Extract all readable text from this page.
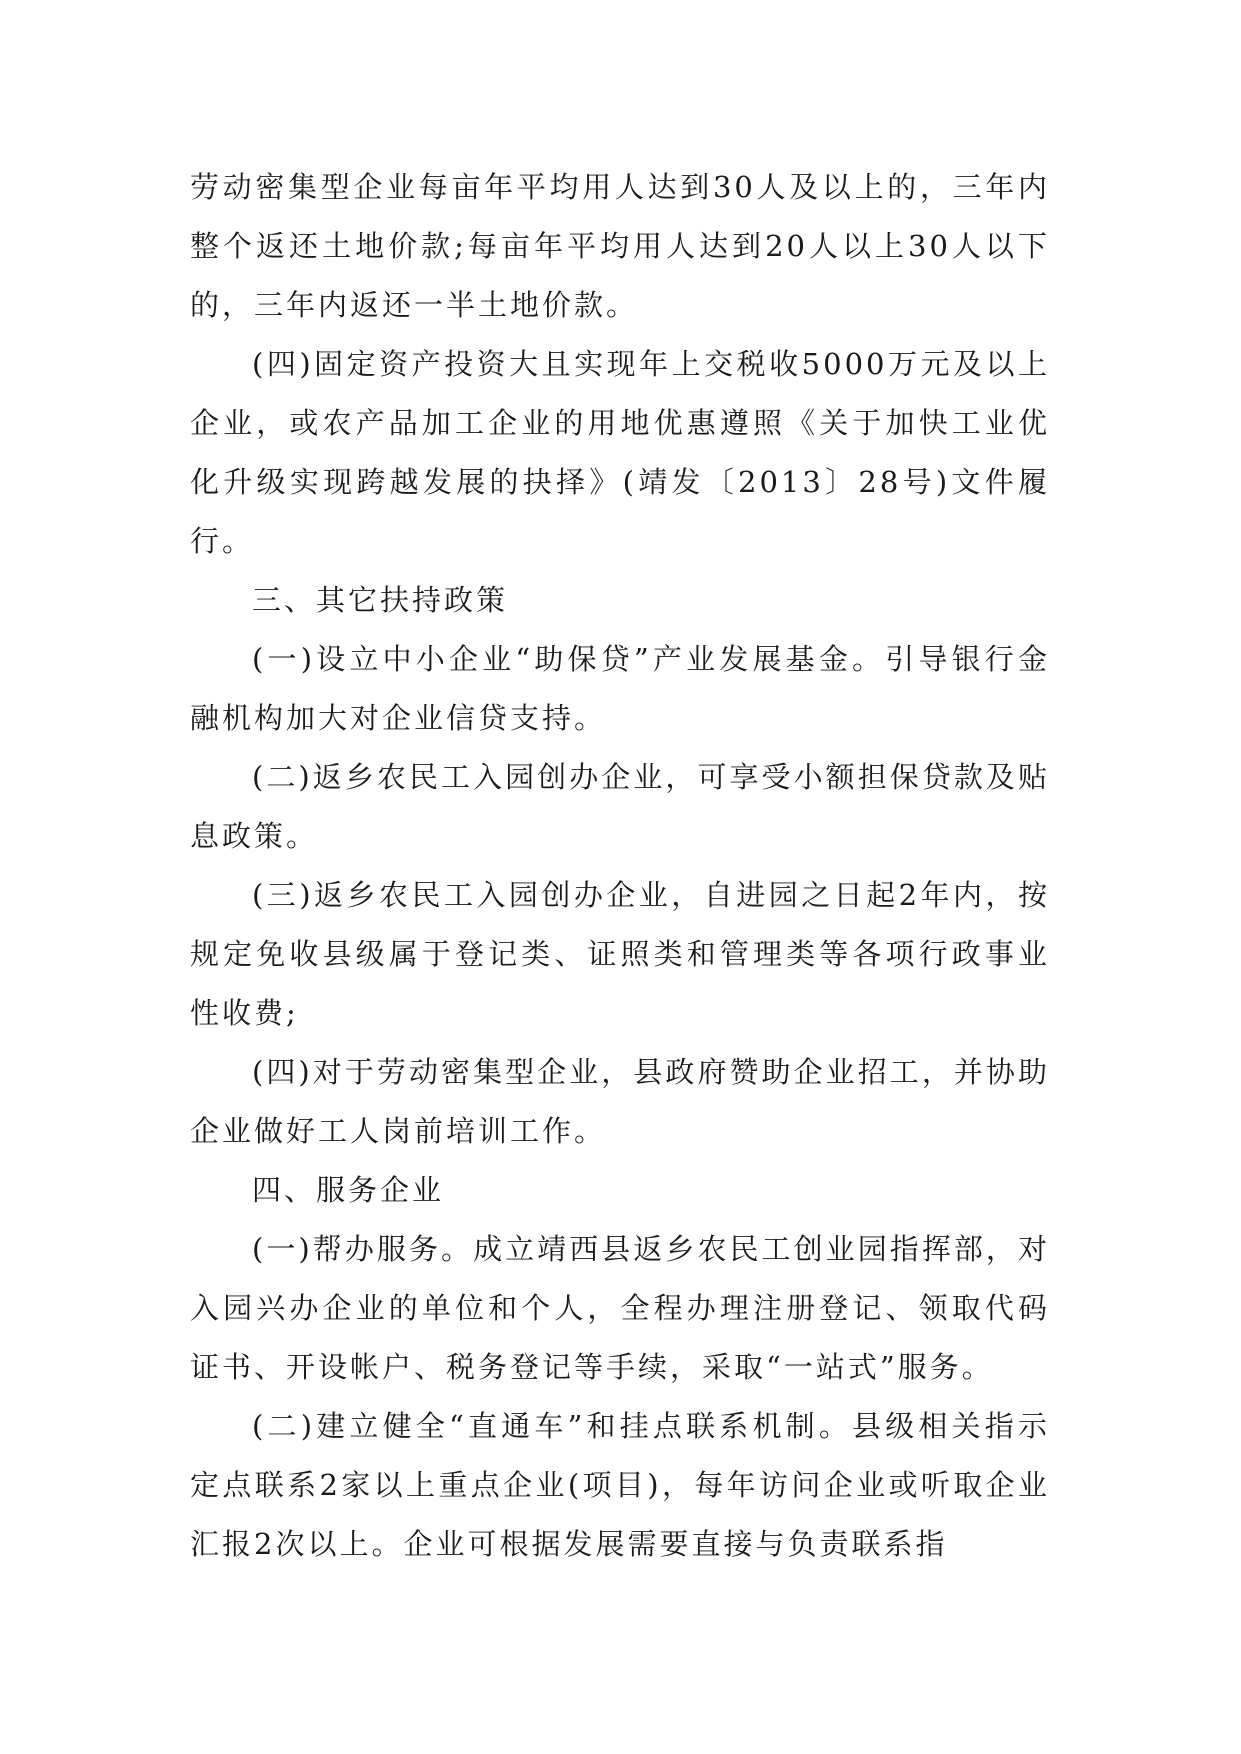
劳动密集型企业每亩年平均用人达到30人及以上的，三年内整个返还土地价款;每亩年平均用人达到20人以上30人以下的，三年内返还一半土地价款。

(四)固定资产投资大且实现年上交税收5000万元及以上企业，或农产品加工企业的用地优惠遵照《关于加快工业优化升级实现跨越发展的抉择》(靖发〔2013〕28号)文件履行。

三、其它扶持政策

(一)设立中小企业“助保贷”产业发展基金。引导银行金融机构加大对企业信贷支持。

(二)返乡农民工入园创办企业，可享受小额担保贷款及贴息政策。

(三)返乡农民工入园创办企业，自进园之日起2年内，按规定免收县级属于登记类、证照类和管理类等各项行政事业性收费;

(四)对于劳动密集型企业，县政府赞助企业招工，并协助企业做好工人岗前培训工作。

四、服务企业

(一)帮办服务。成立靖西县返乡农民工创业园指挥部，对入园兴办企业的单位和个人，全程办理注册登记、领取代码证书、开设帐户、税务登记等手续，采取“一站式”服务。

(二)建立健全“直通车”和挂点联系机制。县级相关指示定点联系2家以上重点企业(项目)，每年访问企业或听取企业汇报2次以上。企业可根据发展需要直接与负责联系指
